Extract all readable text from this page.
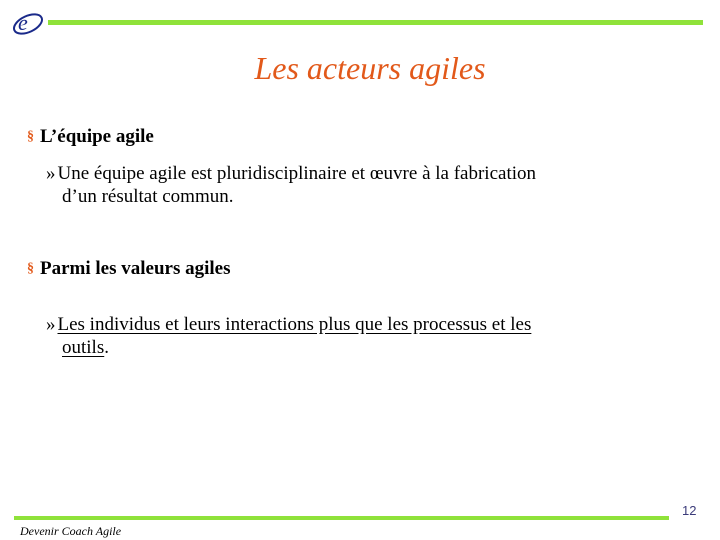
e
Les acteurs agiles
§ L’équipe agile
» Une équipe agile est pluridisciplinaire et œuvre à la fabrication
d’un résultat commun.
§ Parmi les valeurs agiles
» Les individus et leurs interactions plus que les processus et les
outils.
12
Devenir Coach Agile
